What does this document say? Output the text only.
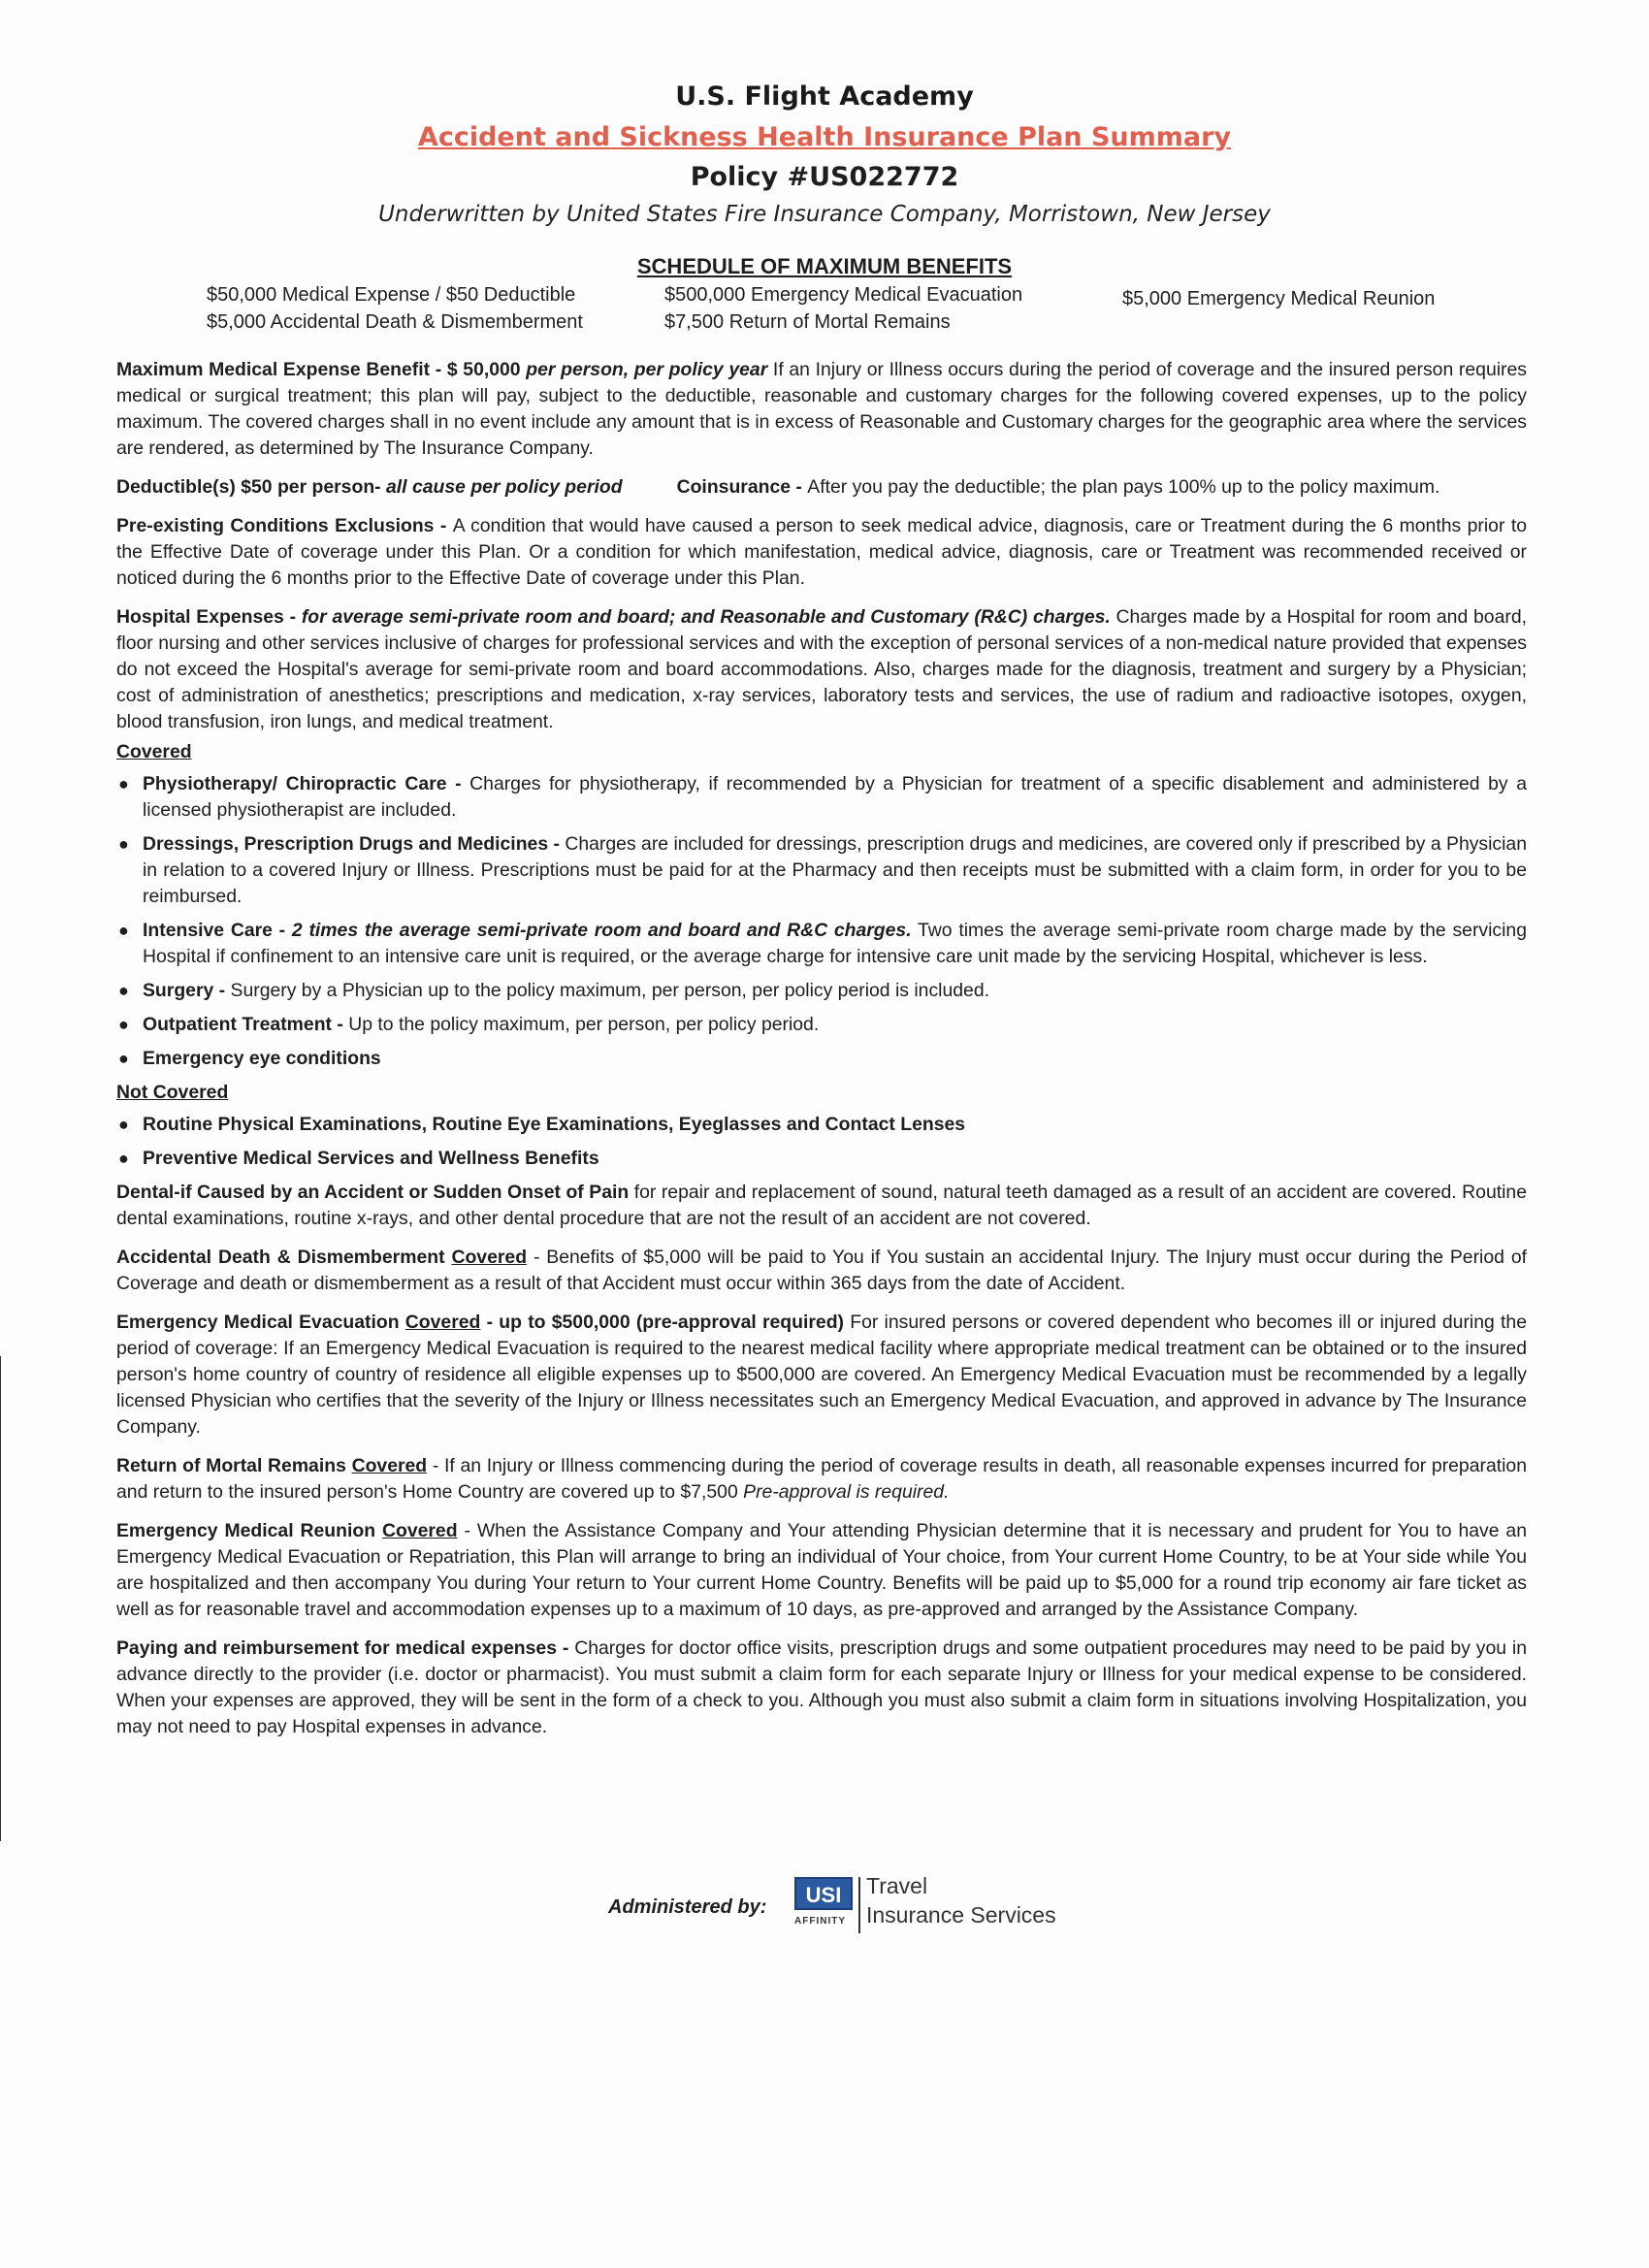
U.S. Flight Academy

Accident and Sickness Health Insurance Plan Summary

Policy #US022772

Underwritten by United States Fire Insurance Company, Morristown, New Jersey

SCHEDULE OF MAXIMUM BENEFITS
$50,000 Medical Expense / $50 Deductible
$5,000 Accidental Death & Dismemberment
$500,000 Emergency Medical Evacuation
$7,500 Return of Mortal Remains
$5,000 Emergency Medical Reunion

Maximum Medical Expense Benefit - $ 50,000 per person, per policy year If an Injury or Illness occurs during the period of coverage and the insured person requires medical or surgical treatment; this plan will pay, subject to the deductible, reasonable and customary charges for the following covered expenses, up to the policy maximum. The covered charges shall in no event include any amount that is in excess of Reasonable and Customary charges for the geographic area where the services are rendered, as determined by The Insurance Company.

Deductible(s) $50 per person- all cause per policy period	Coinsurance - After you pay the deductible; the plan pays 100% up to the policy maximum.

Pre-existing Conditions Exclusions - A condition that would have caused a person to seek medical advice, diagnosis, care or Treatment during the 6 months prior to the Effective Date of coverage under this Plan. Or a condition for which manifestation, medical advice, diagnosis, care or Treatment was recommended received or noticed during the 6 months prior to the Effective Date of coverage under this Plan.

Hospital Expenses - for average semi-private room and board; and Reasonable and Customary (R&C) charges. Charges made by a Hospital for room and board, floor nursing and other services inclusive of charges for professional services and with the exception of personal services of a non-medical nature provided that expenses do not exceed the Hospital's average for semi-private room and board accommodations. Also, charges made for the diagnosis, treatment and surgery by a Physician; cost of administration of anesthetics; prescriptions and medication, x-ray services, laboratory tests and services, the use of radium and radioactive isotopes, oxygen, blood transfusion, iron lungs, and medical treatment.

Covered
● Physiotherapy/ Chiropractic Care - Charges for physiotherapy, if recommended by a Physician for treatment of a specific disablement and administered by a licensed physiotherapist are included.
● Dressings, Prescription Drugs and Medicines - Charges are included for dressings, prescription drugs and medicines, are covered only if prescribed by a Physician in relation to a covered Injury or Illness. Prescriptions must be paid for at the Pharmacy and then receipts must be submitted with a claim form, in order for you to be reimbursed.
● Intensive Care - 2 times the average semi-private room and board and R&C charges. Two times the average semi-private room charge made by the servicing Hospital if confinement to an intensive care unit is required, or the average charge for intensive care unit made by the servicing Hospital, whichever is less.
● Surgery - Surgery by a Physician up to the policy maximum, per person, per policy period is included.
● Outpatient Treatment - Up to the policy maximum, per person, per policy period.
● Emergency eye conditions
Not Covered
● Routine Physical Examinations, Routine Eye Examinations, Eyeglasses and Contact Lenses
● Preventive Medical Services and Wellness Benefits

Dental-if Caused by an Accident or Sudden Onset of Pain for repair and replacement of sound, natural teeth damaged as a result of an accident are covered. Routine dental examinations, routine x-rays, and other dental procedure that are not the result of an accident are not covered.

Accidental Death & Dismemberment Covered - Benefits of $5,000 will be paid to You if You sustain an accidental Injury. The Injury must occur during the Period of Coverage and death or dismemberment as a result of that Accident must occur within 365 days from the date of Accident.

Emergency Medical Evacuation Covered - up to $500,000 (pre-approval required) For insured persons or covered dependent who becomes ill or injured during the period of coverage: If an Emergency Medical Evacuation is required to the nearest medical facility where appropriate medical treatment can be obtained or to the insured person's home country of country of residence all eligible expenses up to $500,000 are covered. An Emergency Medical Evacuation must be recommended by a legally licensed Physician who certifies that the severity of the Injury or Illness necessitates such an Emergency Medical Evacuation, and approved in advance by The Insurance Company.

Return of Mortal Remains Covered - If an Injury or Illness commencing during the period of coverage results in death, all reasonable expenses incurred for preparation and return to the insured person's Home Country are covered up to $7,500 Pre-approval is required.

Emergency Medical Reunion Covered - When the Assistance Company and Your attending Physician determine that it is necessary and prudent for You to have an Emergency Medical Evacuation or Repatriation, this Plan will arrange to bring an individual of Your choice, from Your current Home Country, to be at Your side while You are hospitalized and then accompany You during Your return to Your current Home Country. Benefits will be paid up to $5,000 for a round trip economy air fare ticket as well as for reasonable travel and accommodation expenses up to a maximum of 10 days, as pre-approved and arranged by the Assistance Company.

Paying and reimbursement for medical expenses - Charges for doctor office visits, prescription drugs and some outpatient procedures may need to be paid by you in advance directly to the provider (i.e. doctor or pharmacist). You must submit a claim form for each separate Injury or Illness for your medical expense to be considered. When your expenses are approved, they will be sent in the form of a check to you. Although you must also submit a claim form in situations involving Hospitalization, you may not need to pay Hospital expenses in advance.

Administered by:	USI
AFFINITY
Travel
Insurance Services
